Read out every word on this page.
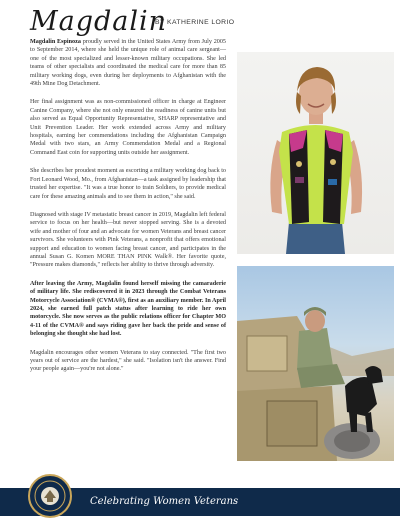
Magdalin
BY KATHERINE LORIO

Magdalin Espinoza proudly served in the United States Army from July 2005 to September 2014, where she held the unique role of animal care sergeant—one of the most specialized and lesser-known military occupations. She led teams of other specialists and coordinated the medical care for more than 85 military working dogs, even during her deployments to Afghanistan with the 49th Mine Dog Detachment.

Her final assignment was as non-commissioned officer in charge at Engineer Canine Company, where she not only ensured the readiness of canine units but also served as Equal Opportunity Representative, SHARP representative and Unit Prevention Leader. Her work extended across Army and military hospitals, earning her commendations including the Afghanistan Campaign Medal with two stars, an Army Commendation Medal and a Regional Command East coin for supporting units outside her assignment.

She describes her proudest moment as escorting a military working dog back to Fort Leonard Wood, Mo., from Afghanistan—a task assigned by leadership that trusted her expertise. "It was a true honor to train Soldiers, to provide medical care for these amazing animals and to see them in action," she said.

Diagnosed with stage IV metastatic breast cancer in 2019, Magdalin left federal service to focus on her health—but never stopped serving. She is a devoted wife and mother of four and an advocate for women Veterans and breast cancer survivors. She volunteers with Pink Veterans, a nonprofit that offers emotional support and education to women facing breast cancer, and participates in the annual Susan G. Komen MORE THAN PINK Walk®. Her favorite quote, "Pressure makes diamonds," reflects her ability to thrive through adversity.

After leaving the Army, Magdalin found herself missing the camaraderie of military life. She rediscovered it in 2023 through the Combat Veterans Motorcycle Association® (CVMA®), first as an auxiliary member. In April 2024, she earned full patch status after learning to ride her own motorcycle. She now serves as the public relations officer for Chapter MO 4-11 of the CVMA® and says riding gave her back the pride and sense of belonging she thought she had lost.

Magdalin encourages other women Veterans to stay connected. "The first two years out of service are the hardest," she said. "Isolation isn't the answer. Find your people again—you're not alone."

Celebrating Women Veterans
